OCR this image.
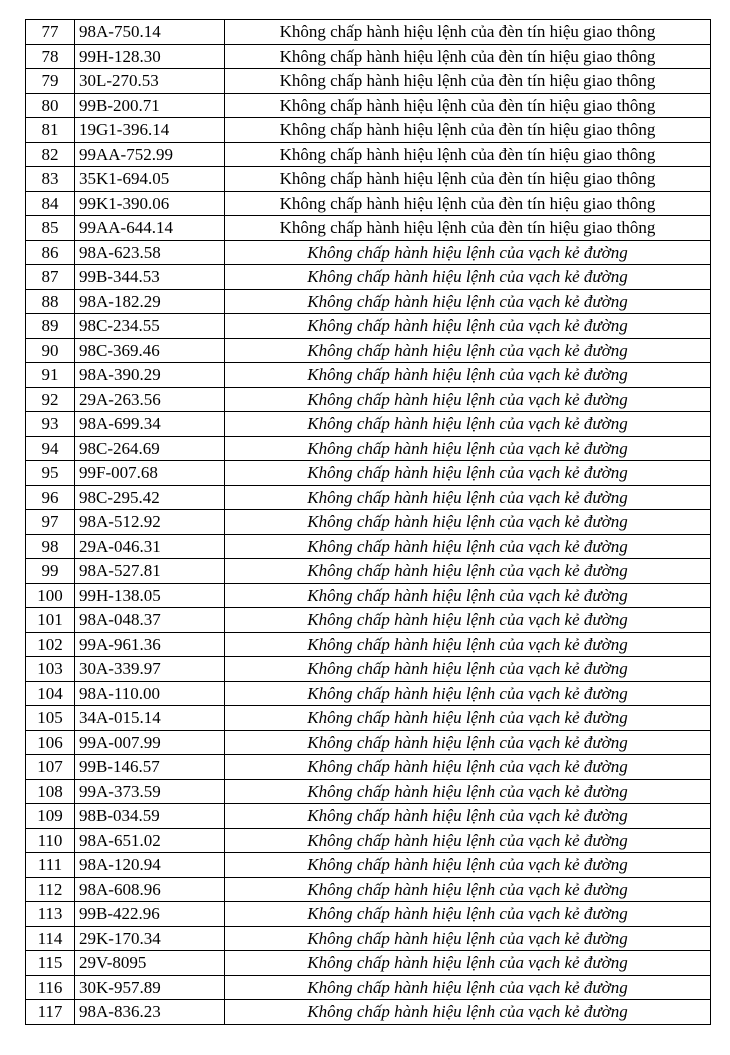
77	98A-750.14	Không chấp hành hiệu lệnh của đèn tín hiệu giao thông
78	99H-128.30	Không chấp hành hiệu lệnh của đèn tín hiệu giao thông
79	30L-270.53	Không chấp hành hiệu lệnh của đèn tín hiệu giao thông
80	99B-200.71	Không chấp hành hiệu lệnh của đèn tín hiệu giao thông
81	19G1-396.14	Không chấp hành hiệu lệnh của đèn tín hiệu giao thông
82	99AA-752.99	Không chấp hành hiệu lệnh của đèn tín hiệu giao thông
83	35K1-694.05	Không chấp hành hiệu lệnh của đèn tín hiệu giao thông
84	99K1-390.06	Không chấp hành hiệu lệnh của đèn tín hiệu giao thông
85	99AA-644.14	Không chấp hành hiệu lệnh của đèn tín hiệu giao thông
86	98A-623.58	Không chấp hành hiệu lệnh của vạch kẻ đường
87	99B-344.53	Không chấp hành hiệu lệnh của vạch kẻ đường
88	98A-182.29	Không chấp hành hiệu lệnh của vạch kẻ đường
89	98C-234.55	Không chấp hành hiệu lệnh của vạch kẻ đường
90	98C-369.46	Không chấp hành hiệu lệnh của vạch kẻ đường
91	98A-390.29	Không chấp hành hiệu lệnh của vạch kẻ đường
92	29A-263.56	Không chấp hành hiệu lệnh của vạch kẻ đường
93	98A-699.34	Không chấp hành hiệu lệnh của vạch kẻ đường
94	98C-264.69	Không chấp hành hiệu lệnh của vạch kẻ đường
95	99F-007.68	Không chấp hành hiệu lệnh của vạch kẻ đường
96	98C-295.42	Không chấp hành hiệu lệnh của vạch kẻ đường
97	98A-512.92	Không chấp hành hiệu lệnh của vạch kẻ đường
98	29A-046.31	Không chấp hành hiệu lệnh của vạch kẻ đường
99	98A-527.81	Không chấp hành hiệu lệnh của vạch kẻ đường
100	99H-138.05	Không chấp hành hiệu lệnh của vạch kẻ đường
101	98A-048.37	Không chấp hành hiệu lệnh của vạch kẻ đường
102	99A-961.36	Không chấp hành hiệu lệnh của vạch kẻ đường
103	30A-339.97	Không chấp hành hiệu lệnh của vạch kẻ đường
104	98A-110.00	Không chấp hành hiệu lệnh của vạch kẻ đường
105	34A-015.14	Không chấp hành hiệu lệnh của vạch kẻ đường
106	99A-007.99	Không chấp hành hiệu lệnh của vạch kẻ đường
107	99B-146.57	Không chấp hành hiệu lệnh của vạch kẻ đường
108	99A-373.59	Không chấp hành hiệu lệnh của vạch kẻ đường
109	98B-034.59	Không chấp hành hiệu lệnh của vạch kẻ đường
110	98A-651.02	Không chấp hành hiệu lệnh của vạch kẻ đường
111	98A-120.94	Không chấp hành hiệu lệnh của vạch kẻ đường
112	98A-608.96	Không chấp hành hiệu lệnh của vạch kẻ đường
113	99B-422.96	Không chấp hành hiệu lệnh của vạch kẻ đường
114	29K-170.34	Không chấp hành hiệu lệnh của vạch kẻ đường
115	29V-8095	Không chấp hành hiệu lệnh của vạch kẻ đường
116	30K-957.89	Không chấp hành hiệu lệnh của vạch kẻ đường
117	98A-836.23	Không chấp hành hiệu lệnh của vạch kẻ đường
